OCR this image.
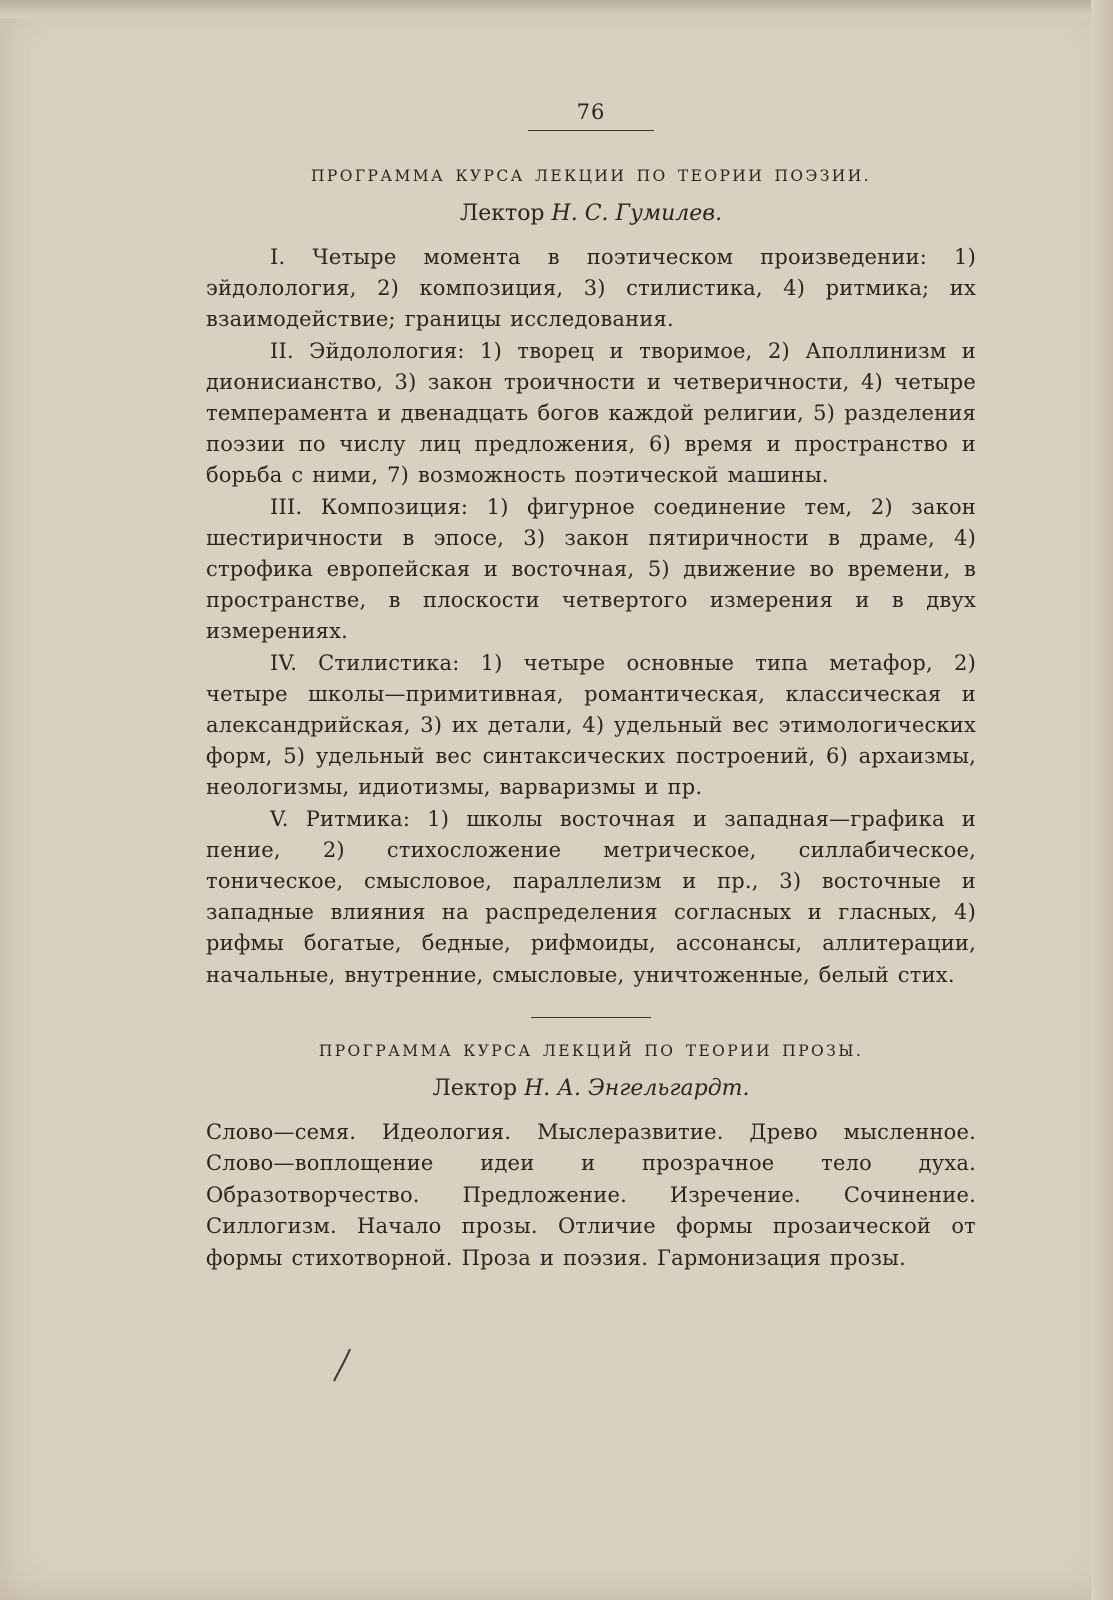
76
ПРОГРАММА КУРСА ЛЕКЦИИ ПО ТЕОРИИ ПОЭЗИИ.
Лектор Н. С. Гумилев.

I. Четыре момента в поэтическом произведении: 1) эйдолология, 2) композиция, 3) стилистика, 4) ритмика; их взаимодействие; границы исследования.

II. Эйдолология: 1) творец и творимое, 2) Аполлинизм и дионисианство, 3) закон троичности и четверичности, 4) четыре темперамента и двенадцать богов каждой религии, 5) разделения поэзии по числу лиц предложения, 6) время и пространство и борьба с ними, 7) возможность поэтической машины.

III. Композиция: 1) фигурное соединение тем, 2) закон шестиричности в эпосе, 3) закон пятиричности в драме, 4) строфика европейская и восточная, 5) движение во времени, в пространстве, в плоскости четвертого измерения и в двух измерениях.

IV. Стилистика: 1) четыре основные типа метафор, 2) четыре школы—примитивная, романтическая, классическая и александрийская, 3) их детали, 4) удельный вес этимологических форм, 5) удельный вес синтаксических построений, 6) архаизмы, неологизмы, идиотизмы, варваризмы и пр.

V. Ритмика: 1) школы восточная и западная—графика и пение, 2) стихосложение метрическое, силлабическое, тоническое, смысловое, параллелизм и пр., 3) восточные и западные влияния на распределения согласных и гласных, 4) рифмы богатые, бедные, рифмоиды, ассонансы, аллитерации, начальные, внутренние, смысловые, уничтоженные, белый стих.

ПРОГРАММА КУРСА ЛЕКЦИЙ ПО ТЕОРИИ ПРОЗЫ.
Лектор Н. А. Энгельгардт.

Слово—семя. Идеология. Мыслеразвитие. Древо мысленное. Слово—воплощение идеи и прозрачное тело духа. Образотворчество. Предложение. Изречение. Сочинение. Силлогизм. Начало прозы. Отличие формы прозаической от формы стихотворной. Проза и поэзия. Гармонизация прозы.
